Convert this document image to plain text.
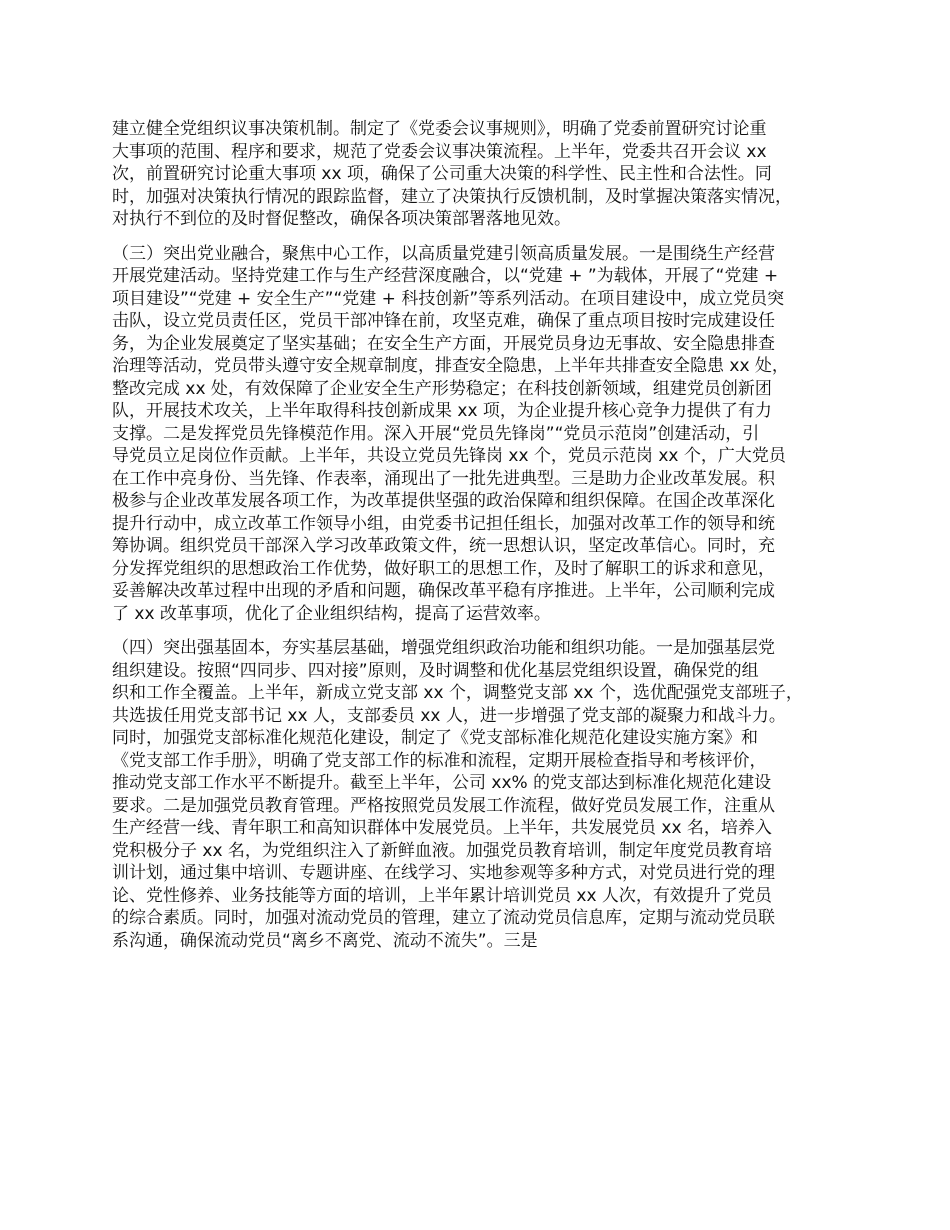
建立健全党组织议事决策机制。制定了《党委会议事规则》，明确了党委前置研究讨论重
大事项的范围、程序和要求，规范了党委会议事决策流程。上半年，党委共召开会议 xx
次，前置研究讨论重大事项 xx 项，确保了公司重大决策的科学性、民主性和合法性。同
时，加强对决策执行情况的跟踪监督，建立了决策执行反馈机制，及时掌握决策落实情况，
对执行不到位的及时督促整改，确保各项决策部署落地见效。

（三）突出党业融合，聚焦中心工作，以高质量党建引领高质量发展。一是围绕生产经营
开展党建活动。坚持党建工作与生产经营深度融合，以“党建 + ”为载体，开展了“党建 +
项目建设”“党建 + 安全生产”“党建 + 科技创新”等系列活动。在项目建设中，成立党员突
击队，设立党员责任区，党员干部冲锋在前，攻坚克难，确保了重点项目按时完成建设任
务，为企业发展奠定了坚实基础；在安全生产方面，开展党员身边无事故、安全隐患排查
治理等活动，党员带头遵守安全规章制度，排查安全隐患，上半年共排查安全隐患 xx 处，
整改完成 xx 处，有效保障了企业安全生产形势稳定；在科技创新领域，组建党员创新团
队，开展技术攻关，上半年取得科技创新成果 xx 项，为企业提升核心竞争力提供了有力
支撑。二是发挥党员先锋模范作用。深入开展“党员先锋岗”“党员示范岗”创建活动，引
导党员立足岗位作贡献。上半年，共设立党员先锋岗 xx 个，党员示范岗 xx 个，广大党员
在工作中亮身份、当先锋、作表率，涌现出了一批先进典型。三是助力企业改革发展。积
极参与企业改革发展各项工作，为改革提供坚强的政治保障和组织保障。在国企改革深化
提升行动中，成立改革工作领导小组，由党委书记担任组长，加强对改革工作的领导和统
筹协调。组织党员干部深入学习改革政策文件，统一思想认识，坚定改革信心。同时，充
分发挥党组织的思想政治工作优势，做好职工的思想工作，及时了解职工的诉求和意见，
妥善解决改革过程中出现的矛盾和问题，确保改革平稳有序推进。上半年，公司顺利完成
了 xx 改革事项，优化了企业组织结构，提高了运营效率。

（四）突出强基固本，夯实基层基础，增强党组织政治功能和组织功能。一是加强基层党
组织建设。按照“四同步、四对接”原则，及时调整和优化基层党组织设置，确保党的组
织和工作全覆盖。上半年，新成立党支部 xx 个，调整党支部 xx 个，选优配强党支部班子，
共选拔任用党支部书记 xx 人，支部委员 xx 人，进一步增强了党支部的凝聚力和战斗力。
同时，加强党支部标准化规范化建设，制定了《党支部标准化规范化建设实施方案》和
《党支部工作手册》，明确了党支部工作的标准和流程，定期开展检查指导和考核评价，
推动党支部工作水平不断提升。截至上半年，公司 xx% 的党支部达到标准化规范化建设
要求。二是加强党员教育管理。严格按照党员发展工作流程，做好党员发展工作，注重从
生产经营一线、青年职工和高知识群体中发展党员。上半年，共发展党员 xx 名，培养入
党积极分子 xx 名，为党组织注入了新鲜血液。加强党员教育培训，制定年度党员教育培
训计划，通过集中培训、专题讲座、在线学习、实地参观等多种方式，对党员进行党的理
论、党性修养、业务技能等方面的培训，上半年累计培训党员 xx 人次，有效提升了党员
的综合素质。同时，加强对流动党员的管理，建立了流动党员信息库，定期与流动党员联
系沟通，确保流动党员“离乡不离党、流动不流失”。三是
